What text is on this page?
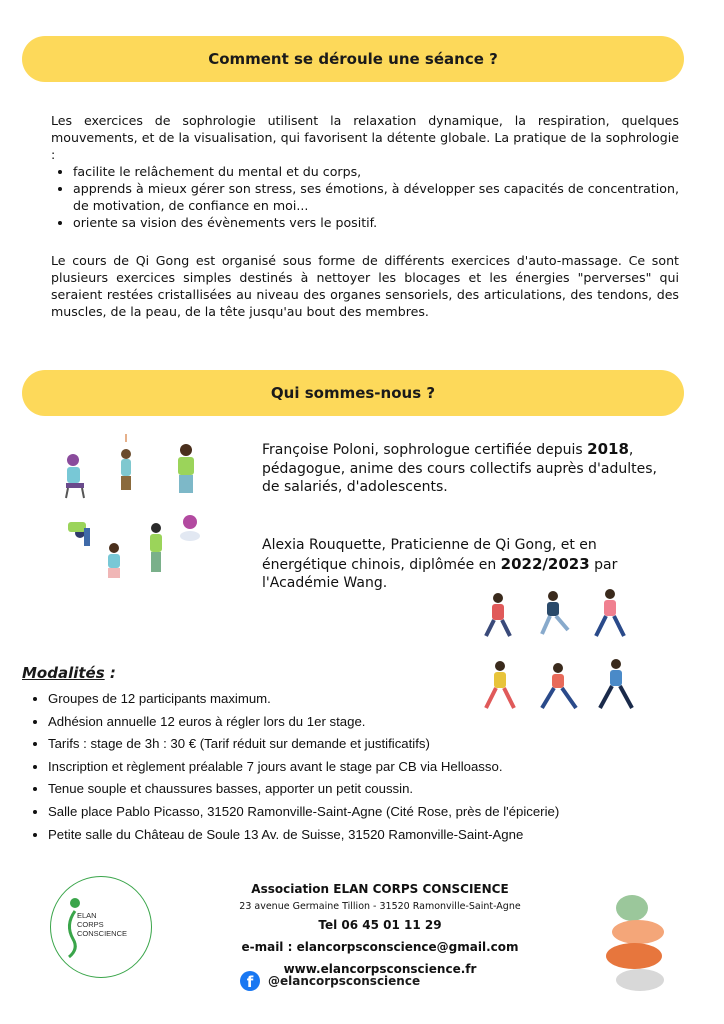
Comment se déroule une séance ?
Les exercices de sophrologie utilisent la relaxation dynamique, la respiration, quelques mouvements, et de la visualisation, qui favorisent la détente globale. La pratique de la sophrologie :
• facilite le relâchement du mental et du corps,
• apprends à mieux gérer son stress, ses émotions, à développer ses capacités de concentration, de motivation, de confiance en moi...
• oriente sa vision des évènements vers le positif.
Le cours de Qi Gong est organisé sous forme de différents exercices d'auto-massage. Ce sont plusieurs exercices simples destinés à nettoyer les blocages et les énergies "perverses" qui seraient restées cristallisées au niveau des organes sensoriels, des articulations, des tendons, des muscles, de la peau, de la tête jusqu'au bout des membres.
Qui sommes-nous ?
Françoise Poloni, sophrologue certifiée depuis 2018, pédagogue, anime des cours collectifs auprès d'adultes, de salariés, d'adolescents.
Alexia Rouquette, Praticienne de Qi Gong, et en énergétique chinois, diplômée en 2022/2023 par l'Académie Wang.
Modalités :
• Groupes de 12 participants maximum.
• Adhésion annuelle 12 euros à régler lors du 1er stage.
• Tarifs : stage de 3h : 30 € (Tarif réduit sur demande et justificatifs)
• Inscription et règlement préalable 7 jours avant le stage par CB via Helloasso.
• Tenue souple et chaussures basses, apporter un petit coussin.
• Salle place Pablo Picasso, 31520 Ramonville-Saint-Agne (Cité Rose, près de l'épicerie)
• Petite salle du Château de Soule 13 Av. de Suisse, 31520 Ramonville-Saint-Agne
ELAN
CORPS
CONSCIENCE
Association ELAN CORPS CONSCIENCE
23 avenue Germaine Tillion - 31520 Ramonville-Saint-Agne
Tel 06 45 01 11 29
e-mail : elancorpsconscience@gmail.com
www.elancorpsconscience.fr
f	@elancorpsconscience
